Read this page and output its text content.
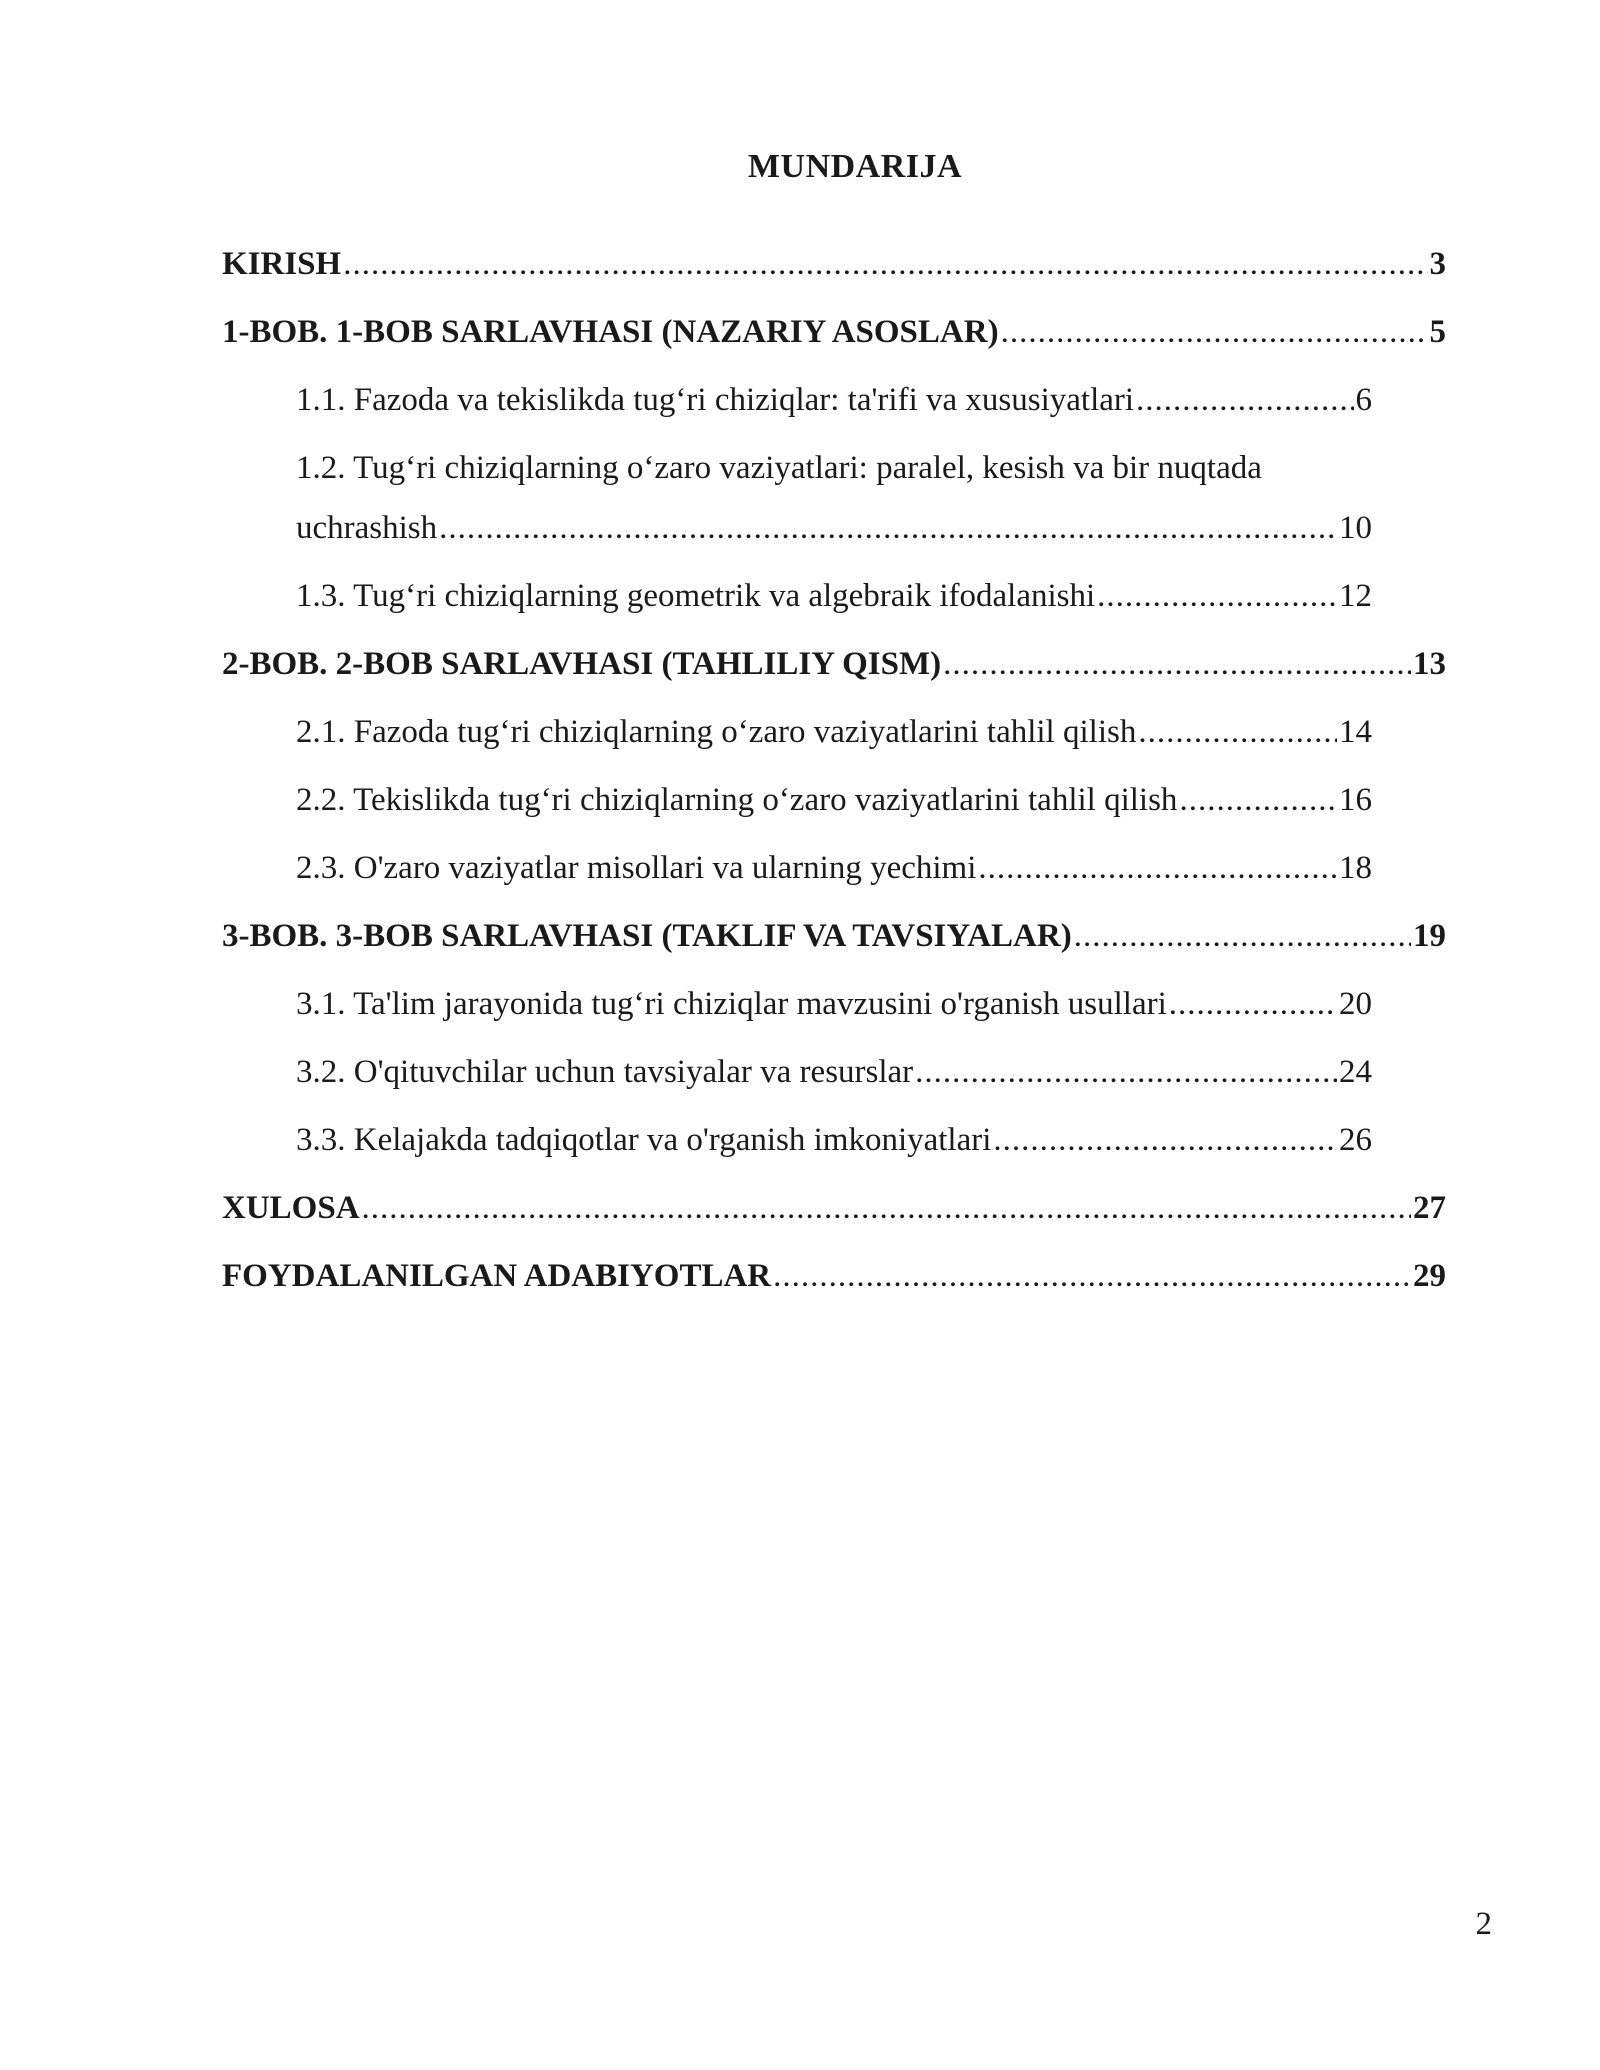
MUNDARIJA
KIRISH .....	3
1-BOB. 1-BOB SARLAVHASI (NAZARIY ASOSLAR) .....	5
1.1. Fazoda va tekislikda tug‘ri chiziqlar: ta'rifi va xususiyatlari .....	6
1.2. Tug‘ri chiziqlarning o‘zaro vaziyatlari: paralel, kesish va bir nuqtada
uchrashish .....	10
1.3. Tug‘ri chiziqlarning geometrik va algebraik ifodalanishi .....	12
2-BOB. 2-BOB SARLAVHASI (TAHLILIY QISM) .....	13
2.1. Fazoda tug‘ri chiziqlarning o‘zaro vaziyatlarini tahlil qilish .....	14
2.2. Tekislikda tug‘ri chiziqlarning o‘zaro vaziyatlarini tahlil qilish .....	16
2.3. O'zaro vaziyatlar misollari va ularning yechimi .....	18
3-BOB. 3-BOB SARLAVHASI (TAKLIF VA TAVSIYALAR) .....	19
3.1. Ta'lim jarayonida tug‘ri chiziqlar mavzusini o'rganish usullari .....	20
3.2. O'qituvchilar uchun tavsiyalar va resurslar .....	24
3.3. Kelajakda tadqiqotlar va o'rganish imkoniyatlari .....	26
XULOSA .....	27
FOYDALANILGAN ADABIYOTLAR .....	29
2
